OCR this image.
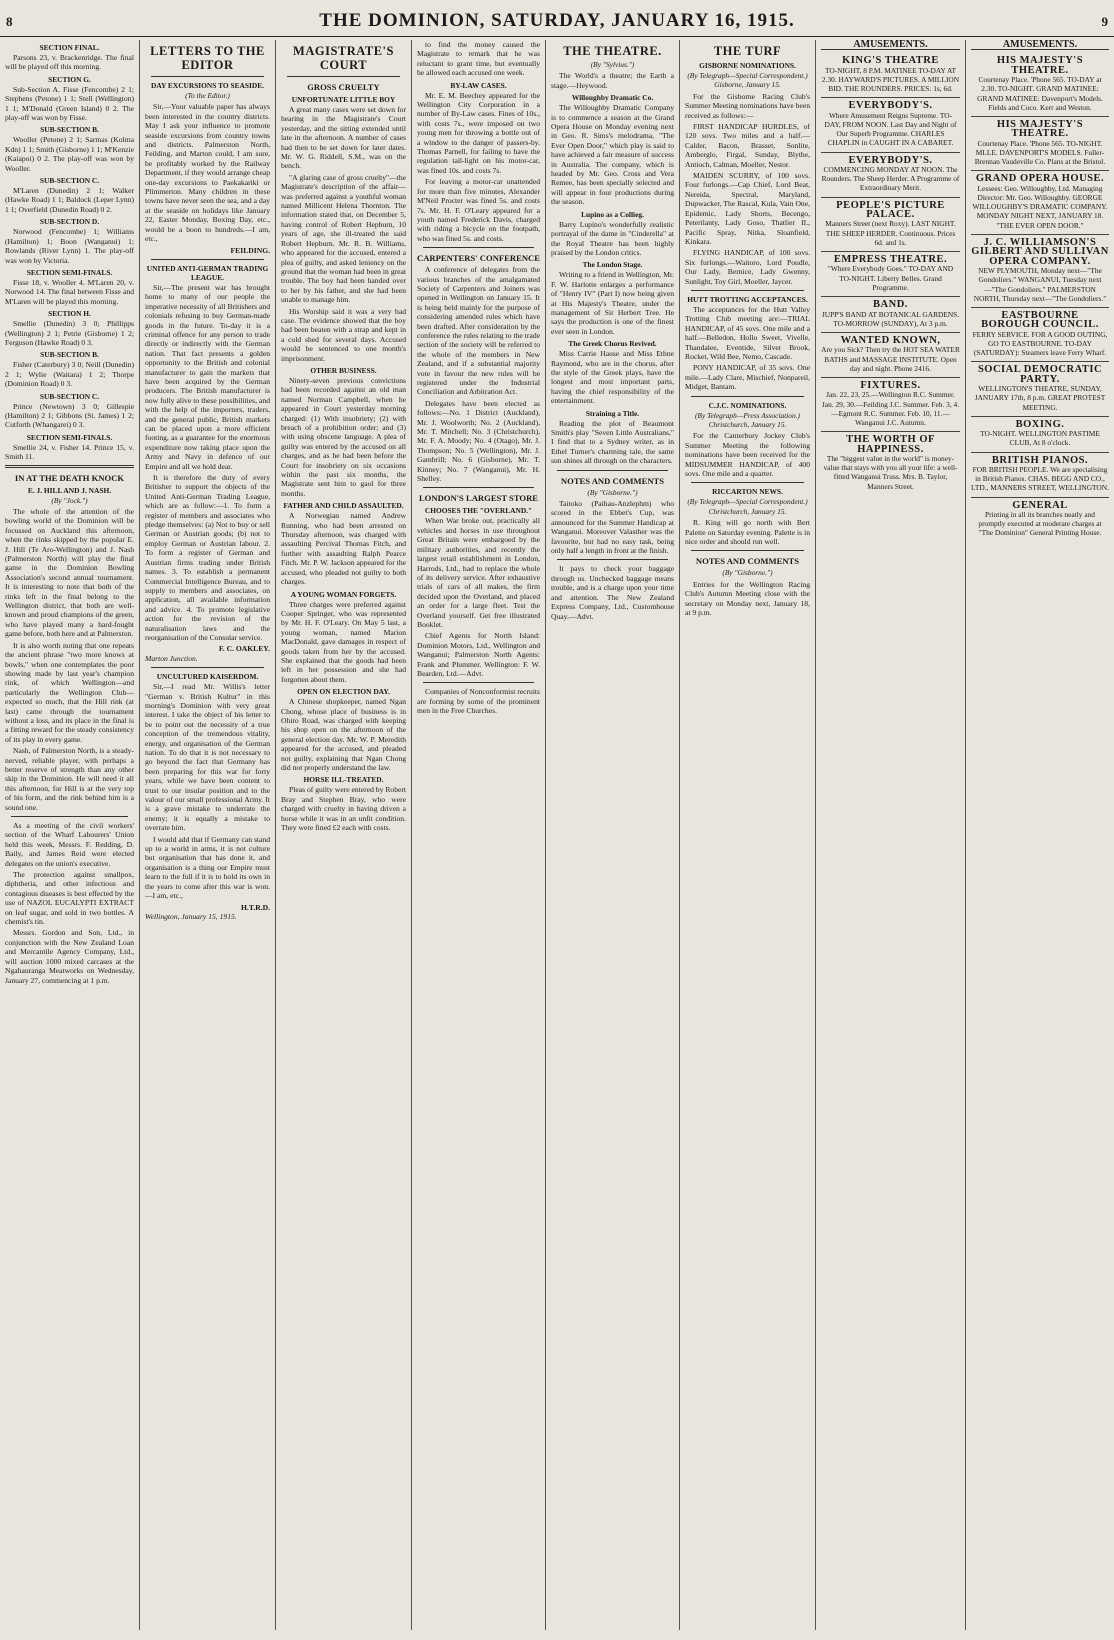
8	THE DOMINION, SATURDAY, JANUARY 16, 1915.	9
SECTION FINAL.

Parsons 23, v. Brackenridge. The final will be played off this morning.

SECTION G.

Sub-Section A. Fisse (Fencombe) 2 1; Stephens (Petone) 1 1; Stell (Wellington) 1 1; M'Donald (Green Island) 0 2. The play-off was won by Fisse.

SUB-SECTION B.

Wooller (Petone) 2 1; Sarmas (Kolma Kdn) 1 1; Smith (Gisborne) 1 1; M'Kenzie (Kaiapoi) 0 2. The play-off was won by Wooller.

SUB-SECTION C.

M'Laren (Dunedin) 2 1; Walker (Hawke Road) 1 1; Baldock (Leper Lynn) 1 1; Overfield (Dunedin Road) 0 2.

SUB-SECTION D.

Norwood (Fencombe) 1; Williams (Hamilton) 1; Boon (Wanganui) 1; Rowlands (River Lynn) 1. The play-off was won by Victoria.

SECTION SEMI-FINALS.

Fisse 18, v. Wooller 4. M'Laren 20, v. Norwood 14. The final between Fisse and M'Laren will be played this morning.

SECTION H.

Smellie (Dunedin) 3 0; Phillipps (Wellington) 2 1; Petrie (Gisborne) 1 2; Ferguson (Hawke Road) 0 3.

SUB-SECTION B.

Fisher (Caterbury) 3 0; Neill (Dunedin) 2 1; Wylie (Waitara) 1 2; Thorpe (Dominion Road) 0 3.

SUB-SECTION C.

Prince (Newtown) 3 0; Gillespie (Hamilton) 2 1; Gibbons (St. James) 1 2; Cutforth (Whangarei) 0 3.

SECTION SEMI-FINALS.

Smellie 24, v. Fisher 14. Prince 15, v. Smith 11.

IN AT THE DEATH KNOCK
E. J. HILL AND J. NASH.
(By "Jock.")

The whole of the attention of the bowling world of the Dominion will be focussed on Auckland this afternoon, when the rinks skipped by the popular E. J. Hill (Te Aro-Wellington) and J. Nash (Palmerston North) will play the final game in the Dominion Bowling Association's second annual tournament. It is interesting to note that both of the rinks left in the final belong to the Wellington district, that both are well-known and proud champions of the green, who have played many a hard-fought game before, both here and at Palmerston.

It is also worth noting that one repeats the ancient phrase "two more knows at bowls," when one contemplates the poor showing made by last year's champion rink, of which Wellington—and particularly the Wellington Club—expected so much, that the Hill rink (at last) came through the tournament without a loss, and its place in the final is a fitting reward for the steady consistency of its play in every game.

Nash, of Palmerston North, is a steady-nerved, reliable player, with perhaps a better reserve of strength than any other skip in the Dominion. He will need it all this afternoon, for Hill is at the very top of his form, and the rink behind him is a sound one.

As a meeting of the civil workers' section of the Wharf Labourers' Union held this week, Messrs. F. Redding, D. Baily, and James Reid were elected delegates on the union's executive.

The protection against smallpox, diphtheria, and other infectious and contagious diseases is best effected by the use of NAZOL EUCALYPTI EXTRACT on leaf sugar, and sold in two bottles. A chemist's tin.

Messrs. Gordon and Son, Ltd., in conjunction with the New Zealand Loan and Mercantile Agency Company, Ltd., will auction 1000 mixed carcases at the Ngahauranga Meatworks on Wednesday, January 27, commencing at 1 p.m.

LETTERS TO THE EDITOR
DAY EXCURSIONS TO SEASIDE.
(To the Editor.)

Sir,—Your valuable paper has always been interested in the country districts. May I ask your influence to promote seaside excursions from country towns and districts. Palmerston North, Feilding, and Marton could, I am sure, be profitably worked by the Railway Department, if they would arrange cheap one-day excursions to Paekakariki or Plimmerton. Many children in these towns have never seen the sea, and a day at the seaside on holidays like January 22, Easter Monday, Boxing Day, etc., would be a boon to hundreds.—I am, etc.,

FEILDING.
UNITED ANTI-GERMAN TRADING LEAGUE.

Sir,—The present war has brought home to many of our people the imperative necessity of all Britishers and colonials refusing to buy German-made goods in the future. To-day it is a criminal offence for any person to trade directly or indirectly with the German nation. That fact presents a golden opportunity to the British and colonial manufacturer to gain the markets that have been acquired by the German producers. The British manufacturer is now fully alive to these possibilities, and with the help of the importers, traders, and the general public, British markets can be placed upon a more efficient footing, as a guarantee for the enormous expenditure now taking place upon the Army and Navy in defence of our Empire and all we hold dear.

It is therefore the duty of every Britisher to support the objects of the United Anti-German Trading League, which are as follow:—1. To form a register of members and associates who pledge themselves: (a) Not to buy or sell German or Austrian goods; (b) not to employ German or Austrian labour. 2. To form a register of German and Austrian firms trading under British names. 3. To establish a permanent Commercial Intelligence Bureau, and to supply to members and associates, on application, all available information and advice. 4. To promote legislative action for the revision of the naturalisation laws and the reorganisation of the Consular service.

F. C. OAKLEY.
Marton Junction.
UNCULTURED KAISERDOM.

Sir,—I read Mr. Willis's letter "German v. British Kultur" in this morning's Dominion with very great interest. I take the object of his letter to be to point out the necessity of a true conception of the tremendous vitality, energy, and organisation of the German nation. To do that it is not necessary to go beyond the fact that Germany has been preparing for this war for forty years, while we have been content to trust to our insular position and to the valour of our small professional Army. It is a grave mistake to underrate the enemy; it is equally a mistake to overrate him.

I would add that if Germany can stand up to a world in arms, it is not culture but organisation that has done it, and organisation is a thing our Empire must learn to the full if it is to hold its own in the years to come after this war is won.—I am, etc.,

H.T.R.D.
Wellington, January 15, 1915.
MAGISTRATE'S COURT
GROSS CRUELTY
UNFORTUNATE LITTLE BOY

A great many cases were set down for hearing in the Magistrate's Court yesterday, and the sitting extended until late in the afternoon. A number of cases had then to be set down for later dates. Mr. W. G. Riddell, S.M., was on the bench.

"A glaring case of gross cruelty"—the Magistrate's description of the affair—was preferred against a youthful woman named Millicent Helena Thornton. The information stated that, on December 5, having control of Robert Hepburn, 10 years of age, she ill-treated the said Robert Hepburn. Mr. R. B. Williams, who appeared for the accused, entered a plea of guilty, and asked leniency on the ground that the woman had been in great trouble. The boy had been handed over to her by his father, and she had been unable to manage him.

His Worship said it was a very bad case. The evidence showed that the boy had been beaten with a strap and kept in a cold shed for several days. Accused would be sentenced to one month's imprisonment.

OTHER BUSINESS.

Ninety-seven previous convictions had been recorded against an old man named Norman Campbell, when he appeared in Court yesterday morning charged: (1) With insobriety; (2) with breach of a prohibition order; and (3) with using obscene language. A plea of guilty was entered by the accused on all charges, and as he had been before the Court for insobriety on six occasions within the past six months, the Magistrate sent him to gaol for three months.

FATHER AND CHILD ASSAULTED.

A Norwegian named Andrew Running, who had been arrested on Thursday afternoon, was charged with assaulting Percival Thomas Fitch, and further with assaulting Ralph Pearce Fitch. Mr. P. W. Jackson appeared for the accused, who pleaded not guilty to both charges.

A YOUNG WOMAN FORGETS.

Three charges were preferred against Cooper Springer, who was represented by Mr. H. F. O'Leary. On May 5 last, a young woman, named Marion MacDonald, gave damages in respect of goods taken from her by the accused. She explained that the goods had been left in her possession and she had forgotten about them.

OPEN ON ELECTION DAY.

A Chinese shopkeeper, named Ngan Chong, whose place of business is in Ohiro Road, was charged with keeping his shop open on the afternoon of the general election day. Mr. W. P. Meredith appeared for the accused, and pleaded not guilty, explaining that Ngan Chong did not properly understand the law.

HORSE ILL-TREATED.

Pleas of guilty were entered by Robert Bray and Stephen Bray, who were charged with cruelty in having driven a horse while it was in an unfit condition. They were fined £2 each with costs.

to find the money caused the Magistrate to remark that he was reluctant to grant time, but eventually he allowed each accused one week.

BY-LAW CASES.

Mr. E. M. Beechey appeared for the Wellington City Corporation in a number of By-Law cases. Fines of 10s., with costs 7s., were imposed on two young men for throwing a bottle out of a window to the danger of passers-by. Thomas Parnell, for failing to have the regulation tail-light on his motor-car, was fined 10s. and costs 7s.

For leaving a motor-car unattended for more than five minutes, Alexander M'Neil Procter was fined 5s. and costs 7s. Mr. H. F. O'Leary appeared for a youth named Frederick Davis, charged with riding a bicycle on the footpath, who was fined 5s. and costs.

CARPENTERS' CONFERENCE

A conference of delegates from the various branches of the amalgamated Society of Carpenters and Joiners was opened in Wellington on January 15. It is being held mainly for the purpose of considering amended rules which have been drafted. After consideration by the conference the rules relating to the trade section of the society will be referred to the whole of the members in New Zealand, and if a substantial majority vote in favour the new rules will be registered under the Industrial Conciliation and Arbitration Act.

Delegates have been elected as follows:—No. 1 District (Auckland), Mr. J. Woolworth; No. 2 (Auckland), Mr. T. Mitchell; No. 3 (Christchurch), Mr. F. A. Moody; No. 4 (Otago), Mr. J. Thompson; No. 5 (Wellington), Mr. J. Gambrill; No. 6 (Gisborne), Mr. T. Kinney; No. 7 (Wanganui), Mr. H. Shelley.

LONDON'S LARGEST STORE
CHOOSES THE "OVERLAND."

When War broke out, practically all vehicles and horses in use throughout Great Britain were embargoed by the military authorities, and recently the largest retail establishment in London, Harrods, Ltd., had to replace the whole of its delivery service. After exhaustive trials of cars of all makes, the firm decided upon the Overland, and placed an order for a large fleet. Test the Overland yourself. Get free illustrated Booklet.

Chief Agents for North Island: Dominion Motors, Ltd., Wellington and Wanganui; Palmerston North Agents: Frank and Plummer. Wellington: F. W. Bearden, Ltd.—Advt.

Companies of Nonconformist recruits are forming by some of the prominent men in the Free Churches.

THE THEATRE.
(By "Sylvius.")

The World's a theatre; the Earth a stage.—Heywood.

Willoughby Dramatic Co.

The Willoughby Dramatic Company is to commence a season at the Grand Opera House on Monday evening next in Geo. R. Sims's melodrama, "The Ever Open Door," which play is said to have achieved a fair measure of success in Australia. The company, which is headed by Mr. Geo. Cross and Vera Remee, has been specially selected and will appear in four productions during the season.

Lupino as a Collieg.

Barry Lupino's wonderfully realistic portrayal of the dame in "Cinderella" at the Royal Theatre has been highly praised by the London critics.

The London Stage.

Writing to a friend in Wellington, Mr. F. W. Harlotte enlarges a performance of "Henry IV" (Part I) now being given at His Majesty's Theatre, under the management of Sir Herbert Tree. He says the production is one of the finest ever seen in London.

The Greek Chorus Revived.

Miss Carrie Hause and Miss Ethne Raymond, who are in the chorus, after the style of the Greek plays, have the longest and most important parts, having the chief responsibility of the entertainment.

Straining a Title.

Reading the plot of Beaumont Smith's play "Seven Little Australians," I find that to a Sydney writer, as in Ethel Turner's charming tale, the same sun shines all through on the characters.

NOTES AND COMMENTS
(By "Gisborne.")

Taitoko (Paihau-Anzlephm) who scored in the Ebbet's Cup, was announced for the Summer Handicap at Wanganui. Moreover Valasther was the favourite, but had no easy task, being only half a length in front at the finish.

It pays to check your baggage through us. Unchecked baggage means trouble, and is a charge upon your time and attention. The New Zealand Express Company, Ltd., Customhouse Quay.—Advt.

THE TURF
GISBORNE NOMINATIONS.
(By Telegraph—Special Correspondent.) Gisborne, January 15.

For the Gisborne Racing Club's Summer Meeting nominations have been received as follows:—

FIRST HANDICAP HURDLES, of 120 sovs. Two miles and a half.—Calder, Bacon, Brasset, Sonlite, Amberglo, Firgal, Sunday, Blythe, Antioch, Calman, Moeller, Nestor.

MAIDEN SCURRY, of 100 sovs. Four furlongs.—Cap Chief, Lord Beat, Nereida, Spectral, Maryland, Dupwacker, The Rascal, Kula, Vain One, Epidemic, Lady Shorts, Becengo, Peterilanty, Lady Goso, Thatlier II., Pacific Spray, Nitka, Sloanfield, Kinkara.

FLYING HANDICAP, of 100 sovs. Six furlongs.—Waitoro, Lord Poudle, Our Lady, Bernice, Lady Gwenny, Sunlight, Toy Girl, Moeller, Jaycer.

HUTT TROTTING ACCEPTANCES.

The acceptances for the Hutt Valley Trotting Club meeting are:—TRIAL HANDICAP, of 45 sovs. One mile and a half.—Belledon, Hollo Sweet, Vivelle, Thandalee, Eventide, Silver Brook, Rocket, Wild Bee, Nemo, Cascade.

PONY HANDICAP, of 35 sovs. One mile.—Lady Clare, Mischief, Nonpareil, Midget, Bantam.

C.J.C. NOMINATIONS.
(By Telegraph—Press Association.) Christchurch, January 15.

For the Canterbury Jockey Club's Summer Meeting the following nominations have been received for the MIDSUMMER HANDICAP, of 400 sovs. One mile and a quarter.

RICCARTON NEWS.
(By Telegraph—Special Correspondent.) Christchurch, January 15.

R. King will go north with Bert Palette on Saturday evening. Palette is in nice order and should run well.

NOTES AND COMMENTS
(By "Gisborne.")

Entries for the Wellington Racing Club's Autumn Meeting close with the secretary on Monday next, January 18, at 9 p.m.

AMUSEMENTS.
KING'S THEATRE
TO-NIGHT, 8 P.M. MATINEE TO-DAY AT 2.30. HAYWARD'S PICTURES. A MILLION BID. THE ROUNDERS. PRICES: 1s, 6d.
EVERYBODY'S.
Where Amusement Reigns Supreme. TO-DAY, FROM NOON. Last Day and Night of Our Superb Programme. CHARLES CHAPLIN in CAUGHT IN A CABARET.
EVERYBODY'S.
COMMENCING MONDAY AT NOON. The Rounders. The Sheep Herder. A Programme of Extraordinary Merit.
PEOPLE'S PICTURE PALACE.
Manners Street (next Roxy). LAST NIGHT. THE SHEEP HERDER. Continuous. Prices 6d. and 1s.
EMPRESS THEATRE.
"Where Everybody Goes." TO-DAY AND TO-NIGHT. Liberty Belles. Grand Programme.
BAND.
JUPP'S BAND AT BOTANICAL GARDENS. TO-MORROW (SUNDAY), At 3 p.m.
WANTED KNOWN,
Are you Sick? Then try the HOT SEA WATER BATHS and MASSAGE INSTITUTE. Open day and night. Phone 2416.
FIXTURES.
Jan. 22, 23, 25.—Wellington R.C. Summer. Jan. 29, 30.—Feilding J.C. Summer. Feb. 3, 4.—Egmont R.C. Summer. Feb. 10, 11.—Wanganui J.C. Autumn.
THE WORTH OF HAPPINESS.
The "biggest value in the world" is money-value that stays with you all your life: a well-fitted Wanganui Truss. Mrs. B. Taylor, Manners Street.
AMUSEMENTS.
HIS MAJESTY'S THEATRE.
Courtenay Place. 'Phone 565. TO-DAY at 2.30. TO-NIGHT. GRAND MATINEE: GRAND MATINEE: Davenport's Models. Fields and Coco. Kerr and Weston.
HIS MAJESTY'S THEATRE.
Courtenay Place. 'Phone 565. TO-NIGHT. MLLE. DAVENPORT'S MODELS. Fuller-Brennan Vaudeville Co. Plans at the Bristol.
GRAND OPERA HOUSE.
Lessees: Geo. Willoughby, Ltd. Managing Director: Mr. Geo. Willoughby. GEORGE WILLOUGHBY'S DRAMATIC COMPANY. MONDAY NIGHT NEXT, JANUARY 18. "THE EVER OPEN DOOR."
J. C. WILLIAMSON'S GILBERT AND SULLIVAN OPERA COMPANY.
NEW PLYMOUTH, Monday next—"The Gondoliers." WANGANUI, Tuesday next—"The Gondoliers." PALMERSTON NORTH, Thursday next—"The Gondoliers."
EASTBOURNE BOROUGH COUNCIL.
FERRY SERVICE. FOR A GOOD OUTING, GO TO EASTBOURNE. TO-DAY (SATURDAY): Steamers leave Ferry Wharf.
SOCIAL DEMOCRATIC PARTY.
WELLINGTON'S THEATRE, SUNDAY, JANUARY 17th, 8 p.m. GREAT PROTEST MEETING.
BOXING.
TO-NIGHT. WELLINGTON PASTIME CLUB, At 8 o'clock.
BRITISH PIANOS.
FOR BRITISH PEOPLE. We are specialising in British Pianos. CHAS. BEGG AND CO., LTD., MANNERS STREET, WELLINGTON.
GENERAL
Printing in all its branches neatly and promptly executed at moderate charges at "The Dominion" General Printing House.
